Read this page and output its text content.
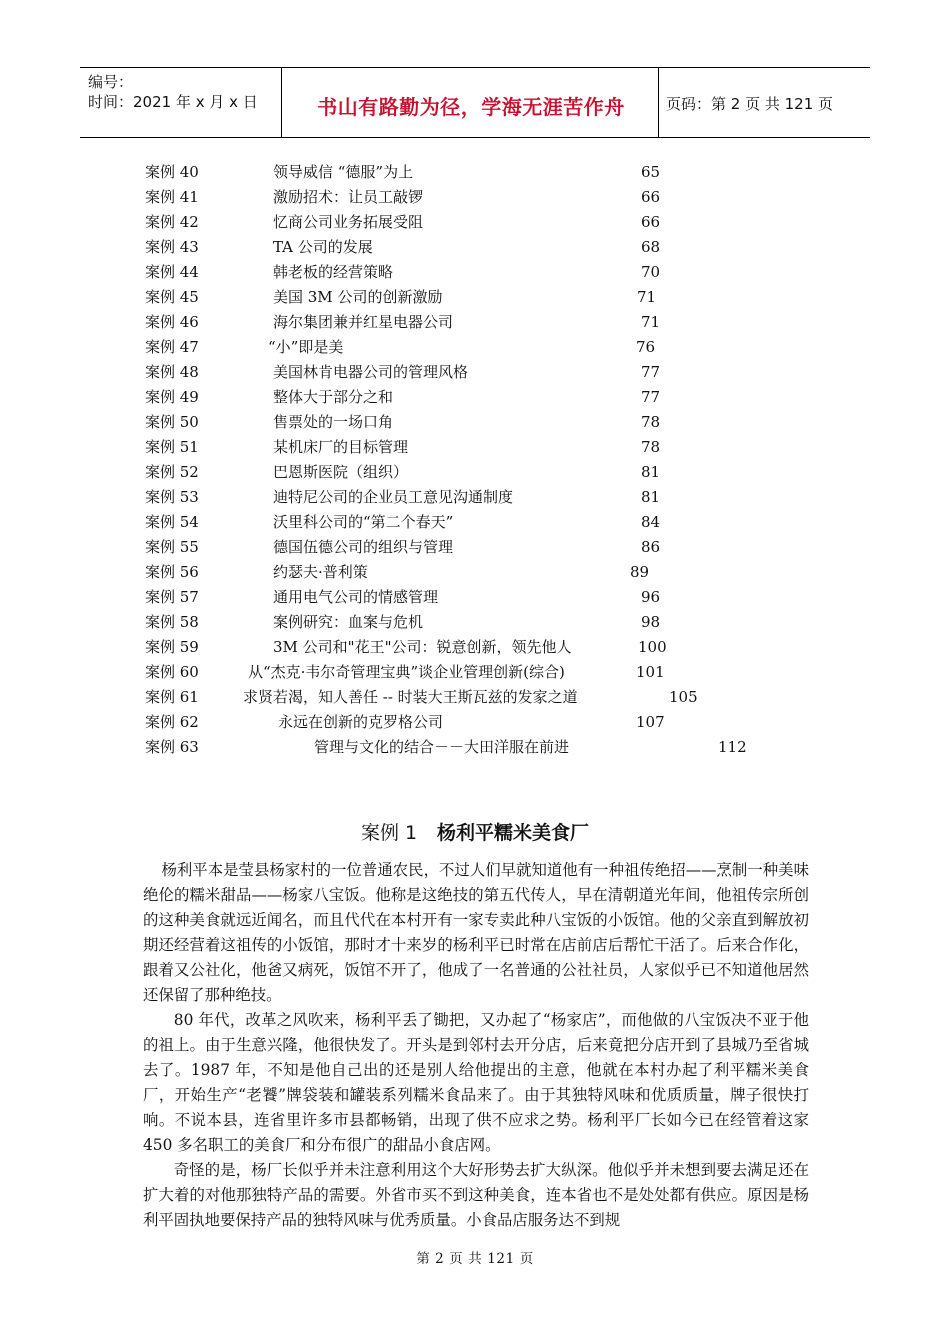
编号：
时间：2021 年 x 月 x 日	书山有路勤为径，学海无涯苦作舟	页码：第 2 页 共 121 页
案例 40	领导威信 “德服”为上	65
案例 41	激励招术：让员工敲锣	66
案例 42	忆商公司业务拓展受阻	66
案例 43	TA 公司的发展	68
案例 44	韩老板的经营策略	70
案例 45	美国 3M 公司的创新激励	71
案例 46	海尔集团兼并红星电器公司	71
案例 47	“小”即是美	76
案例 48	美国林肯电器公司的管理风格	77
案例 49	整体大于部分之和	77
案例 50	售票处的一场口角	78
案例 51	某机床厂的目标管理	78
案例 52	巴恩斯医院（组织）	81
案例 53	迪特尼公司的企业员工意见沟通制度	81
案例 54	沃里科公司的“第二个春天”	84
案例 55	德国伍德公司的组织与管理	86
案例 56	约瑟夫·普利策	89
案例 57	通用电气公司的情感管理	96
案例 58	案例研究：血案与危机	98
案例 59	3M 公司和"花王"公司：锐意创新，领先他人	100
案例 60	从“杰克·韦尔奇管理宝典”谈企业管理创新(综合)	101
案例 61	求贤若渴，知人善任 -- 时装大王斯瓦兹的发家之道	105
案例 62	永远在创新的克罗格公司	107
案例 63	管理与文化的结合－－大田洋服在前进	112
案例 1 杨利平糯米美食厂

杨利平本是莹县杨家村的一位普通农民，不过人们早就知道他有一种祖传绝招——烹制一种美味绝伦的糯米甜品——杨家八宝饭。他称是这绝技的第五代传人，早在清朝道光年间，他祖传宗所创的这种美食就远近闻名，而且代代在本村开有一家专卖此种八宝饭的小饭馆。他的父亲直到解放初期还经营着这祖传的小饭馆，那时才十来岁的杨利平已时常在店前店后帮忙干活了。后来合作化，跟着又公社化，他爸又病死，饭馆不开了，他成了一名普通的公社社员，人家似乎已不知道他居然还保留了那种绝技。

80 年代，改革之风吹来，杨利平丢了锄把，又办起了“杨家店”，而他做的八宝饭决不亚于他的祖上。由于生意兴隆，他很快发了。开头是到邻村去开分店，后来竟把分店开到了县城乃至省城去了。1987 年，不知是他自己出的还是别人给他提出的主意，他就在本村办起了利平糯米美食厂，开始生产“老饕”牌袋装和罐装系列糯米食品来了。由于其独特风味和优质质量，牌子很快打响。不说本县，连省里许多市县都畅销，出现了供不应求之势。杨利平厂长如今已在经管着这家 450 多名职工的美食厂和分布很广的甜品小食店网。

奇怪的是，杨厂长似乎并未注意利用这个大好形势去扩大纵深。他似乎并未想到要去满足还在扩大着的对他那独特产品的需要。外省市买不到这种美食，连本省也不是处处都有供应。原因是杨利平固执地要保持产品的独特风味与优秀质量。小食品店服务达不到规

第 2 页 共 121 页
